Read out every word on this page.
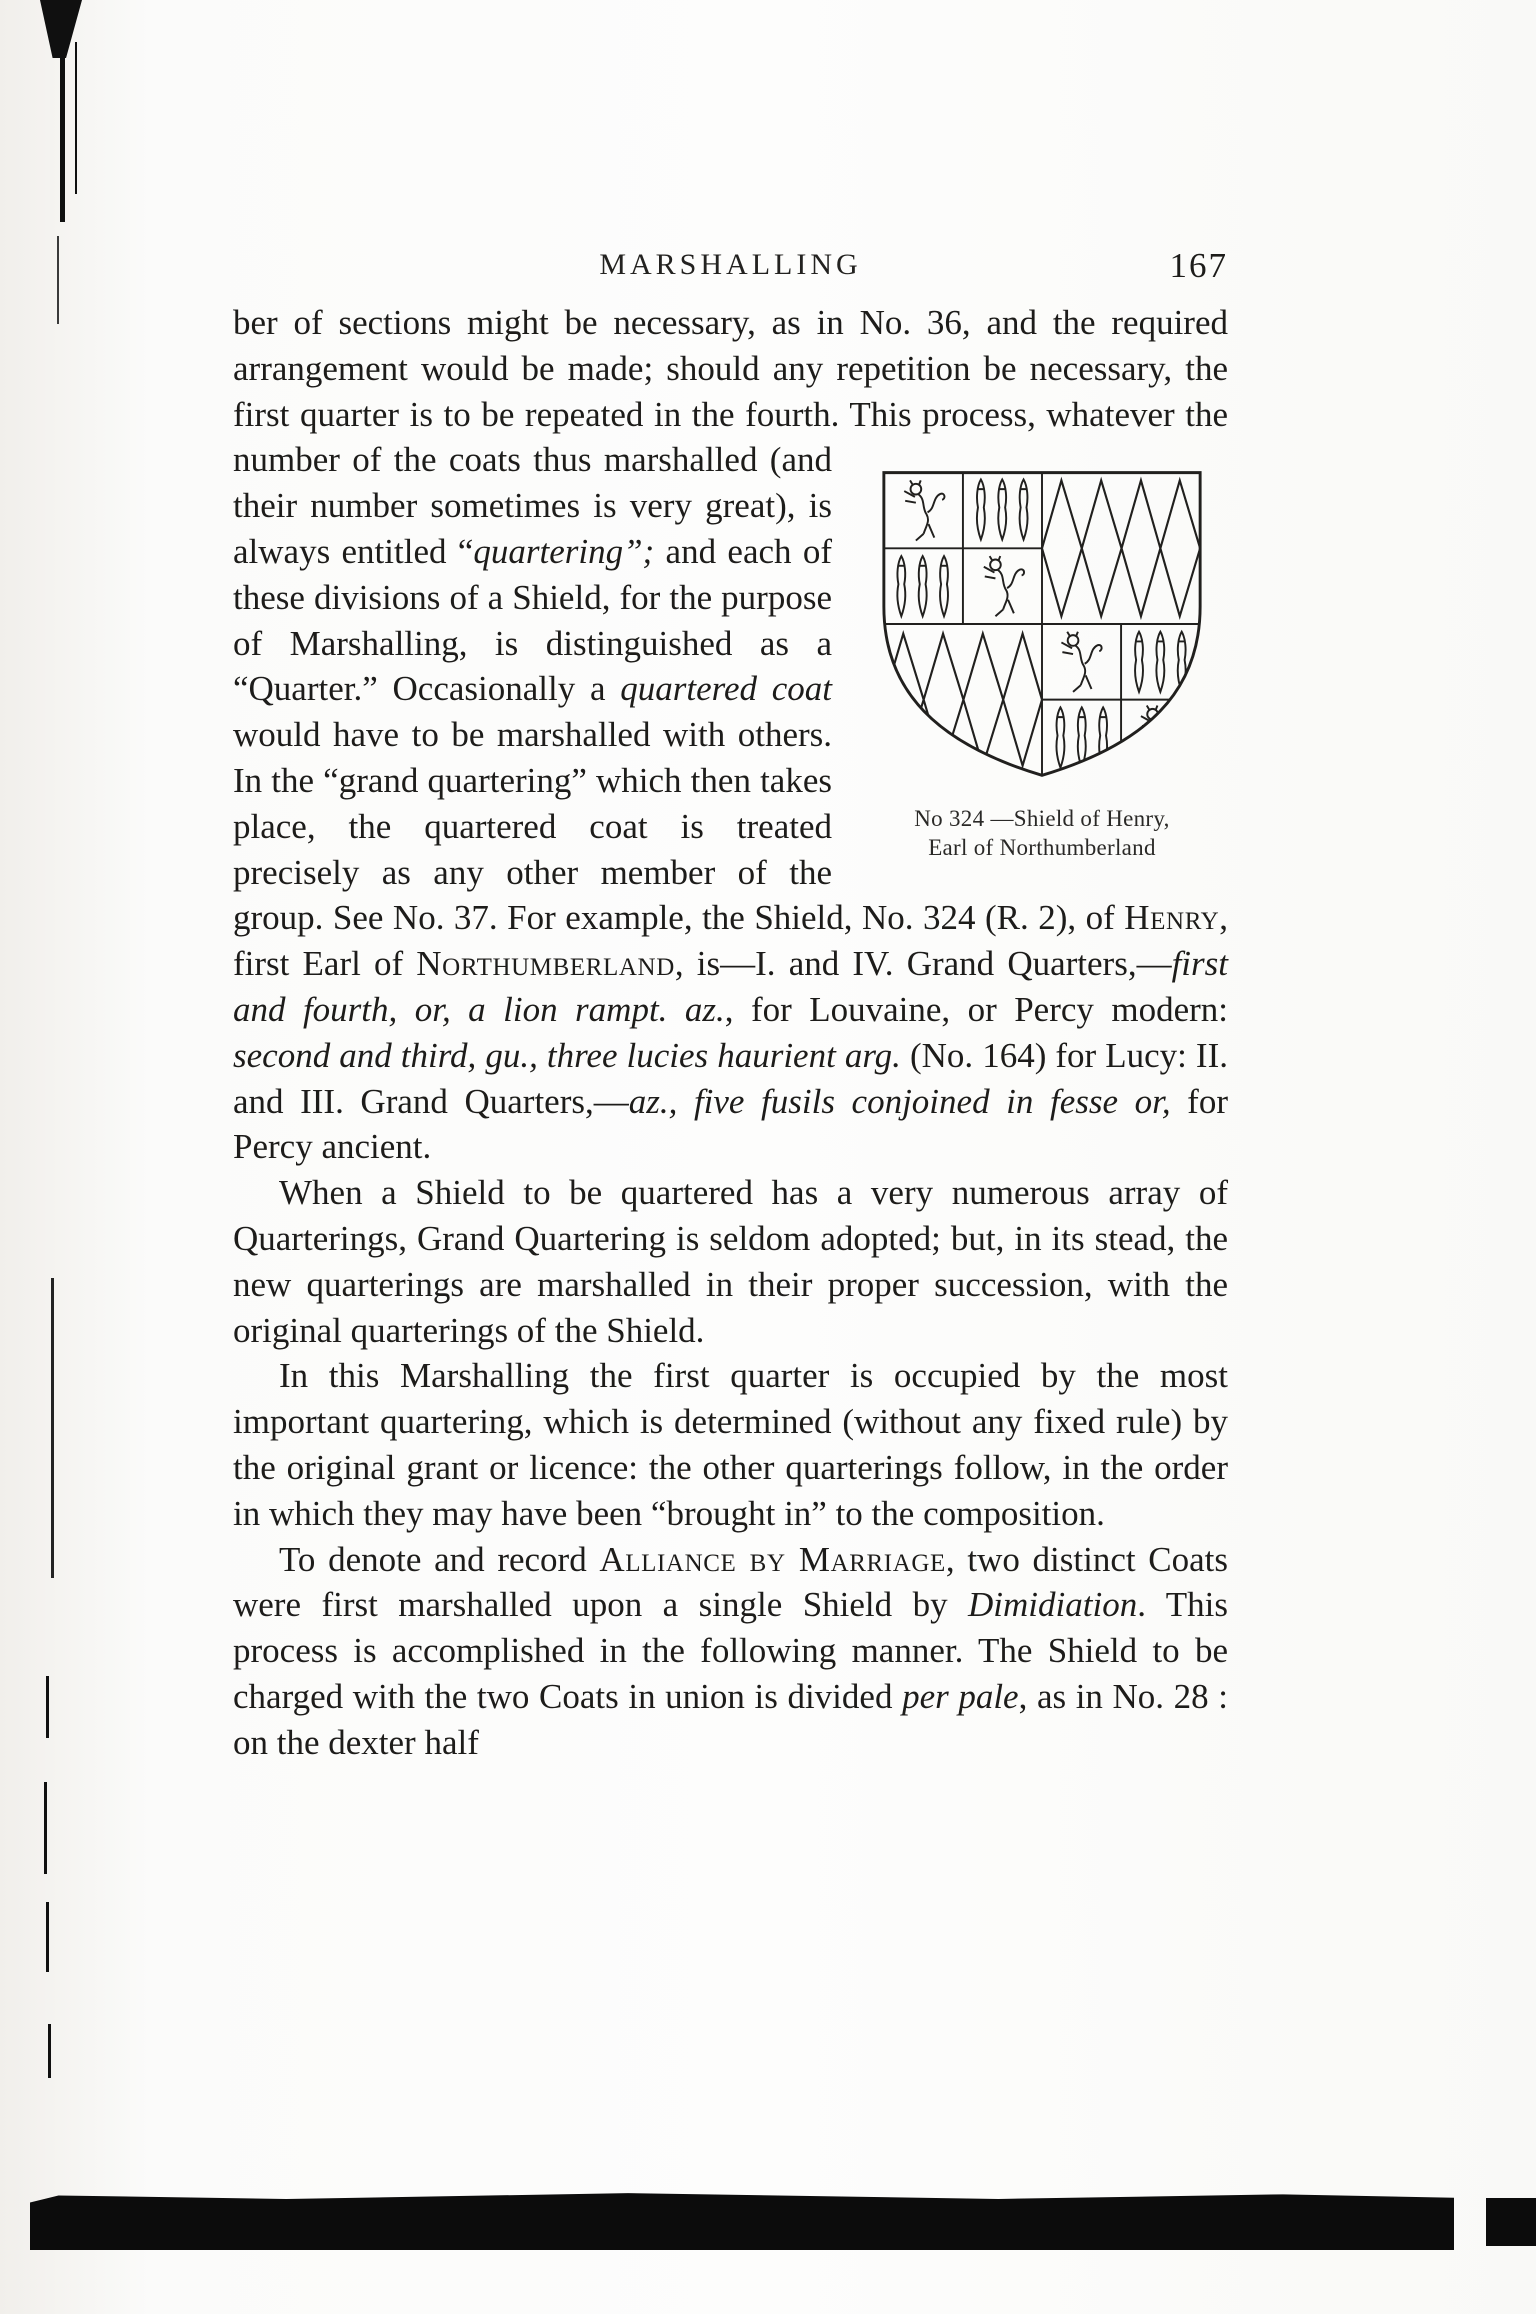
MARSHALLING	167

ber of sections might be necessary, as in No. 36, and the required arrangement would be made; should any repetition be necessary, the first quarter is to be repeated in the fourth. This process, whatever the number of the coats
No 324 —Shield of Henry,
Earl of Northumberland
thus marshalled (and their number sometimes is very great), is always entitled “quartering”; and each of these divisions of a Shield, for the purpose of Marshalling, is distinguished as a “Quarter.” Occasionally a quartered coat would have to be marshalled with others. In the “grand quartering” which then takes place, the quartered coat is treated precisely as any other member of the group. See No. 37. For example, the Shield, No. 324 (R. 2), of Henry, first Earl of Northumberland, is—I. and IV. Grand Quarters,—first and fourth, or, a lion rampt. az., for Louvaine, or Percy modern: second and third, gu., three lucies haurient arg. (No. 164) for Lucy: II. and III. Grand Quarters,—az., five fusils conjoined in fesse or, for Percy ancient.

When a Shield to be quartered has a very numerous array of Quarterings, Grand Quartering is seldom adopted; but, in its stead, the new quarterings are marshalled in their proper succession, with the original quarterings of the Shield.

In this Marshalling the first quarter is occupied by the most important quartering, which is determined (without any fixed rule) by the original grant or licence: the other quarterings follow, in the order in which they may have been “brought in” to the composition.

To denote and record Alliance by Marriage, two distinct Coats were first marshalled upon a single Shield by Dimidiation. This process is accomplished in the following manner. The Shield to be charged with the two Coats in union is divided per pale, as in No. 28 : on the dexter half
